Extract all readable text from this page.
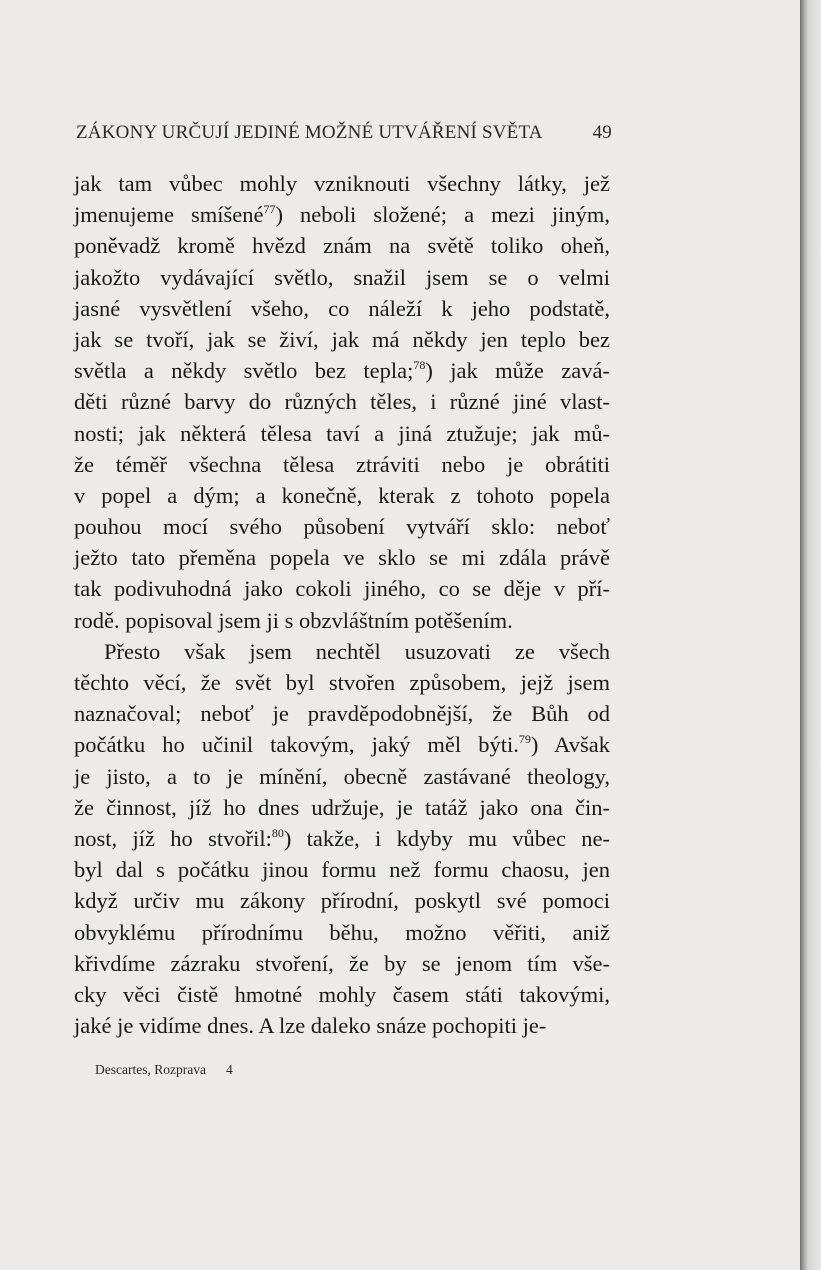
ZÁKONY URČUJÍ JEDINÉ MOŽNÉ UTVÁŘENÍ SVĚTA	49
jak tam vůbec mohly vzniknouti všechny látky, jež
jmenujeme smíšené$^{77}$) neboli složené; a mezi jiným,
poněvadž kromě hvězd znám na světě toliko oheň,
jakožto vydávající světlo, snažil jsem se o velmi
jasné vysvětlení všeho, co náleží k jeho podstatě,
jak se tvoří, jak se živí, jak má někdy jen teplo bez
světla a někdy světlo bez tepla;$^{78}$) jak může zavá-
děti různé barvy do různých těles, i různé jiné vlast-
nosti; jak některá tělesa taví a jiná ztužuje; jak mů-
že téměř všechna tělesa ztráviti nebo je obrátiti
v popel a dým; a konečně, kterak z tohoto popela
pouhou mocí svého působení vytváří sklo: neboť
ježto tato přeměna popela ve sklo se mi zdála právě
tak podivuhodná jako cokoli jiného, co se děje v pří-
rodě. popisoval jsem ji s obzvláštním potěšením.
Přesto však jsem nechtěl usuzovati ze všech
těchto věcí, že svět byl stvořen způsobem, jejž jsem
naznačoval; neboť je pravděpodobnější, že Bůh od
počátku ho učinil takovým, jaký měl býti.$^{79}$) Avšak
je jisto, a to je mínění, obecně zastávané theology,
že činnost, jíž ho dnes udržuje, je tatáž jako ona čin-
nost, jíž ho stvořil:$^{80}$) takže, i kdyby mu vůbec ne-
byl dal s počátku jinou formu než formu chaosu, jen
když určiv mu zákony přírodní, poskytl své pomoci
obvyklému přírodnímu běhu, možno věřiti, aniž
křivdíme zázraku stvoření, že by se jenom tím vše-
cky věci čistě hmotné mohly časem státi takovými,
jaké je vidíme dnes. A lze daleko snáze pochopiti je-
Descartes, Rozprava 4
